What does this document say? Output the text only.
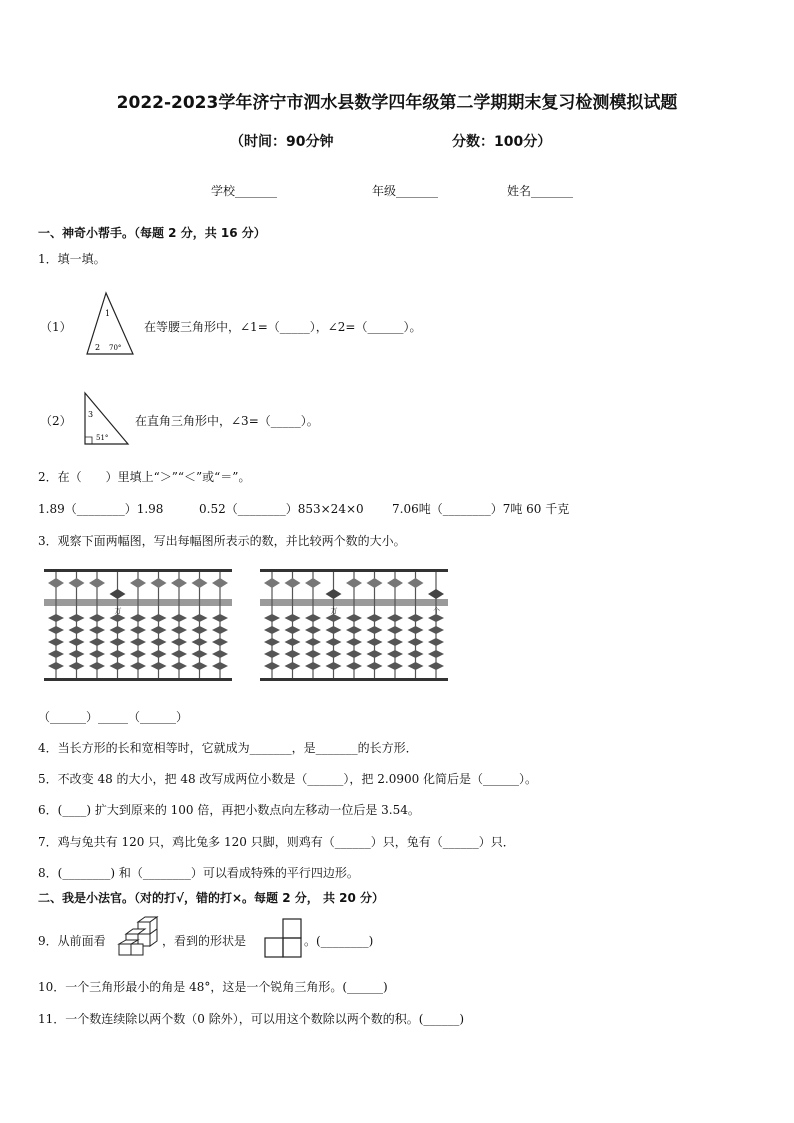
2022-2023学年济宁市泗水县数学四年级第二学期期末复习检测模拟试题
（时间：90分钟	分数：100分）
学校_______	年级_______	姓名_______
一、神奇小帮手。（每题 2 分，共 16 分）
1．填一填。
（1）
1
2 70°
在等腰三角形中，∠1=（_____），∠2=（______）。
（2） 3
51°
在直角三角形中，∠3=（_____）。
2．在（　　）里填上“＞”“＜”或“＝”。
1.89（________）1.98	0.52（________）853×24×0 7.06吨（________）7吨 60 千克
3．观察下面两幅图，写出每幅图所表示的数，并比较两个数的大小。
万	万	个
（______）_____（______）
4．当长方形的长和宽相等时，它就成为_______，是_______的长方形．
5．不改变 48 的大小，把 48 改写成两位小数是（______），把 2.0900 化简后是（______）。
6．(____) 扩大到原来的 100 倍，再把小数点向左移动一位后是 3.54。
7．鸡与兔共有 120 只，鸡比兔多 120 只脚，则鸡有（______）只，兔有（______）只．
8．(________) 和（________）可以看成特殊的平行四边形。
二、我是小法官。（对的打√，错的打×。每题 2 分， 共 20 分）
9．从前面看	，看到的形状是	。(________)
10．一个三角形最小的角是 48°，这是一个锐角三角形。(______)
11．一个数连续除以两个数（0 除外），可以用这个数除以两个数的积。(______)
